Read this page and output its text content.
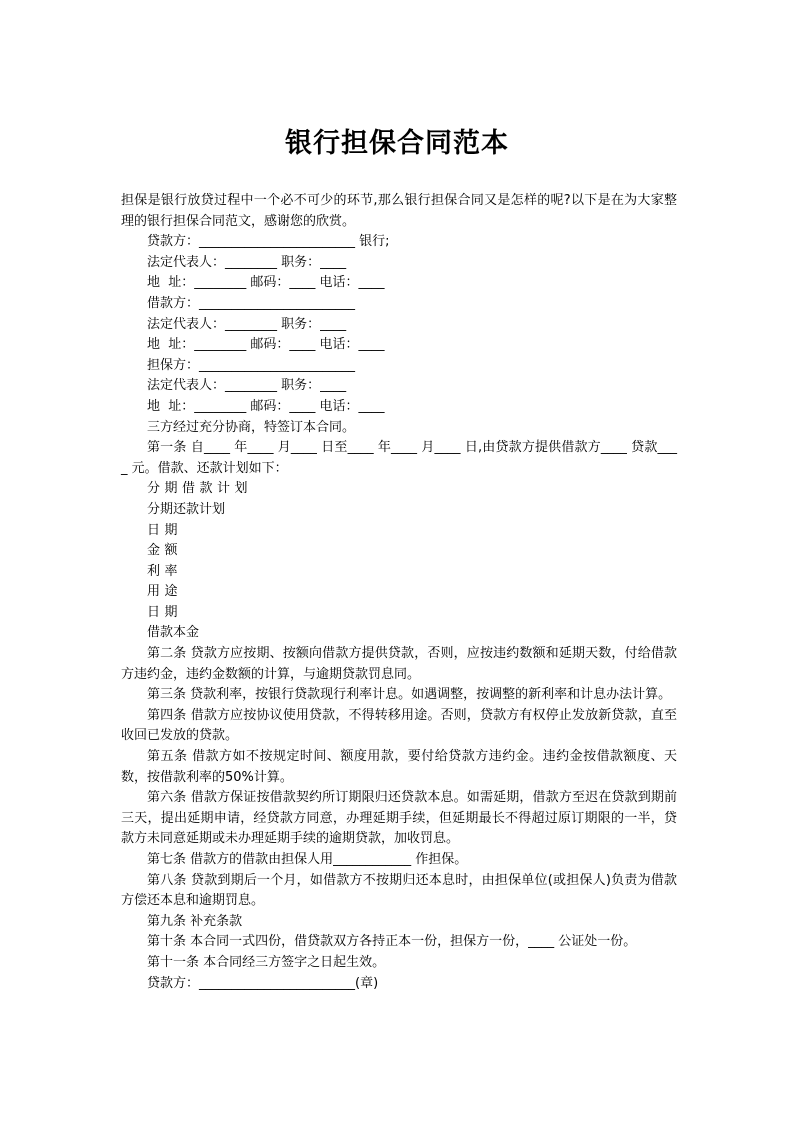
银行担保合同范本

担保是银行放贷过程中一个必不可少的环节,那么银行担保合同又是怎样的呢?以下是在为大家整理的银行担保合同范文，感谢您的欣赏。

贷款方：________________________ 银行;

法定代表人：________ 职务：____

地  址：________ 邮码：____ 电话：____

借款方：________________________

法定代表人：________ 职务：____

地  址：________ 邮码：____ 电话：____

担保方：________________________

法定代表人：________ 职务：____

地  址：________ 邮码：____ 电话：____

三方经过充分协商，特签订本合同。

第一条 自____ 年____ 月____ 日至____ 年____ 月____ 日,由贷款方提供借款方____ 贷款____ 元。借款、还款计划如下：

分期借款计划

分期还款计划

日期

金额

利率

用途

日期

借款本金

第二条 贷款方应按期、按额向借款方提供贷款，否则，应按违约数额和延期天数，付给借款方违约金，违约金数额的计算，与逾期贷款罚息同。

第三条 贷款利率，按银行贷款现行利率计息。如遇调整，按调整的新利率和计息办法计算。

第四条 借款方应按协议使用贷款，不得转移用途。否则，贷款方有权停止发放新贷款，直至收回已发放的贷款。

第五条 借款方如不按规定时间、额度用款，要付给贷款方违约金。违约金按借款额度、天数，按借款利率的50%计算。

第六条 借款方保证按借款契约所订期限归还贷款本息。如需延期，借款方至迟在贷款到期前三天，提出延期申请，经贷款方同意，办理延期手续，但延期最长不得超过原订期限的一半，贷款方未同意延期或未办理延期手续的逾期贷款，加收罚息。

第七条 借款方的借款由担保人用____________ 作担保。

第八条 贷款到期后一个月，如借款方不按期归还本息时，由担保单位(或担保人)负责为借款方偿还本息和逾期罚息。

第九条 补充条款

第十条 本合同一式四份，借贷款双方各持正本一份，担保方一份，____ 公证处一份。

第十一条 本合同经三方签字之日起生效。

贷款方：________________________(章)
